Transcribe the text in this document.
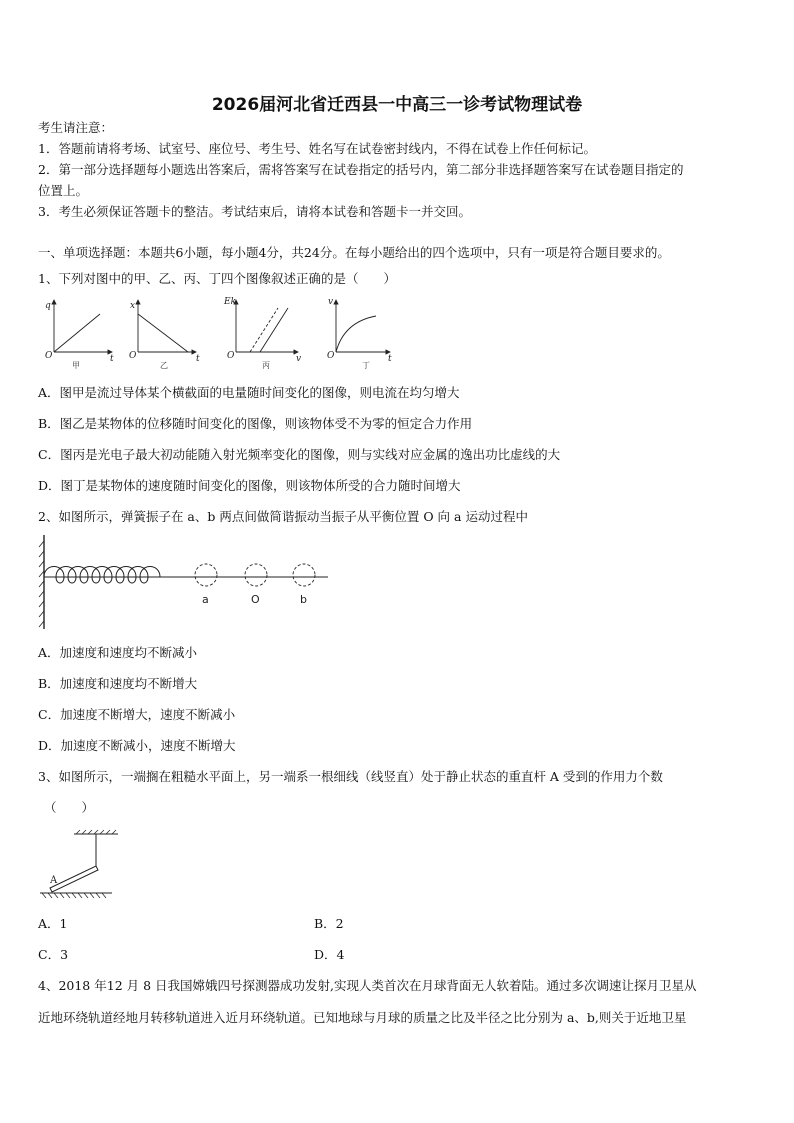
2026届河北省迁西县一中高三一诊考试物理试卷
考生请注意：
1．答题前请将考场、试室号、座位号、考生号、姓名写在试卷密封线内，不得在试卷上作任何标记。
2．第一部分选择题每小题选出答案后，需将答案写在试卷指定的括号内，第二部分非选择题答案写在试卷题目指定的
位置上。
3．考生必须保证答题卡的整洁。考试结束后，请将本试卷和答题卡一并交回。
一、单项选择题：本题共6小题，每小题4分，共24分。在每小题给出的四个选项中，只有一项是符合题目要求的。
1、下列对图中的甲、乙、丙、丁四个图像叙述正确的是（　　）
q
t
O
甲
x
t
O
乙
Ek
v
O
丙
v
t
O
丁
A．图甲是流过导体某个横截面的电量随时间变化的图像，则电流在均匀增大
B．图乙是某物体的位移随时间变化的图像，则该物体受不为零的恒定合力作用
C．图丙是光电子最大初动能随入射光频率变化的图像，则与实线对应金属的逸出功比虚线的大
D．图丁是某物体的速度随时间变化的图像，则该物体所受的合力随时间增大
2、如图所示，弹簧振子在 a、b 两点间做简谐振动当振子从平衡位置 O 向 a 运动过程中
a	O	b
A．加速度和速度均不断减小
B．加速度和速度均不断增大
C．加速度不断增大，速度不断减小
D．加速度不断减小，速度不断增大
3、如图所示，一端搁在粗糙水平面上，另一端系一根细线（线竖直）处于静止状态的重直杆 A 受到的作用力个数
（　　）
A
A．1	B．2
C．3	D．4
4、2018 年12 月 8 日我国嫦娥四号探测器成功发射,实现人类首次在月球背面无人软着陆。通过多次调速让探月卫星从
近地环绕轨道经地月转移轨道进入近月环绕轨道。已知地球与月球的质量之比及半径之比分别为 a、b,则关于近地卫星
